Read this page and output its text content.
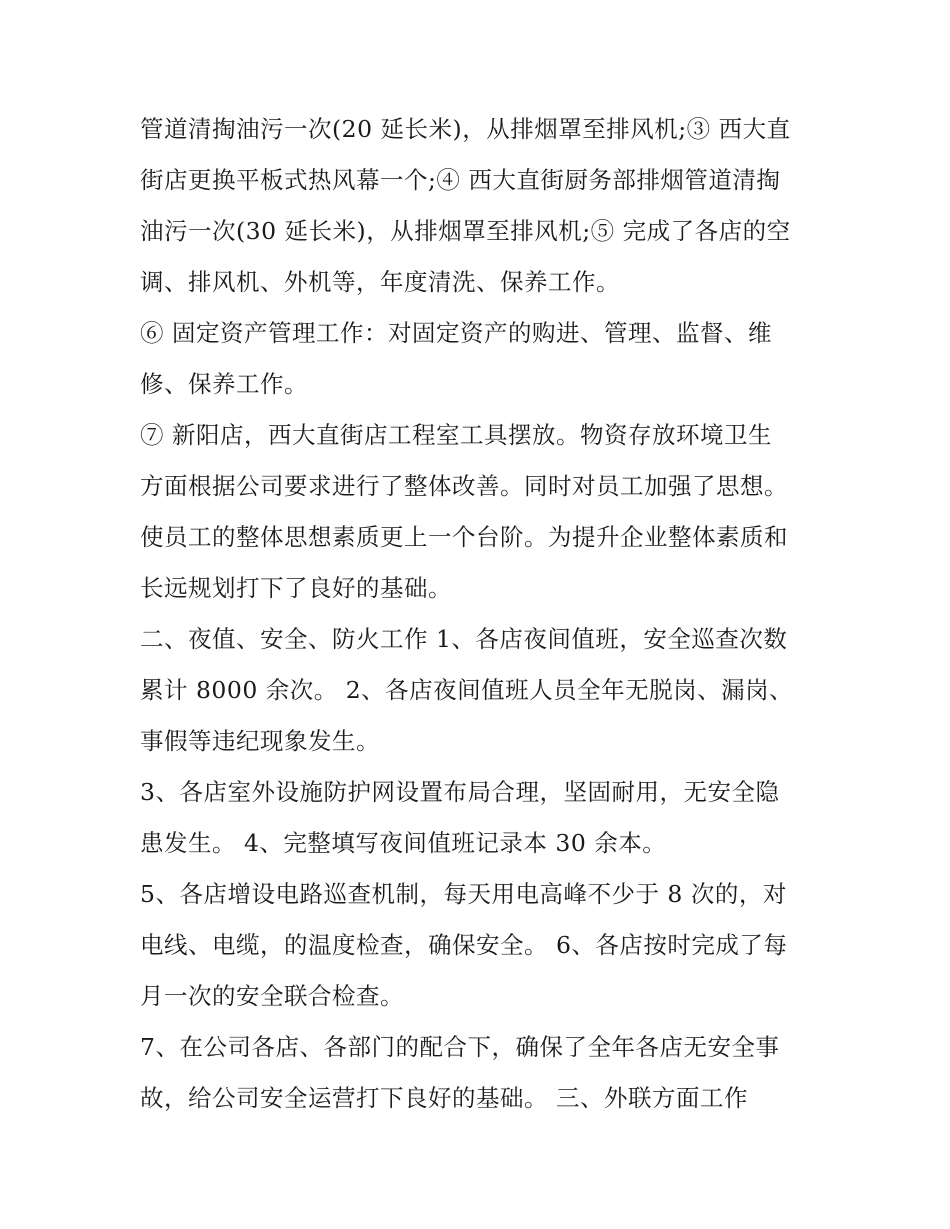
管道清掏油污一次(20 延长米)，从排烟罩至排风机;③ 西大直

街店更换平板式热风幕一个;④ 西大直街厨务部排烟管道清掏

油污一次(30 延长米)，从排烟罩至排风机;⑤ 完成了各店的空

调、排风机、外机等，年度清洗、保养工作。

⑥ 固定资产管理工作：对固定资产的购进、管理、监督、维

修、保养工作。

⑦ 新阳店，西大直街店工程室工具摆放。物资存放环境卫生

方面根据公司要求进行了整体改善。同时对员工加强了思想。

使员工的整体思想素质更上一个台阶。为提升企业整体素质和

长远规划打下了良好的基础。

二、夜值、安全、防火工作 1、各店夜间值班，安全巡查次数

累计 8000 余次。 2、各店夜间值班人员全年无脱岗、漏岗、

事假等违纪现象发生。

3、各店室外设施防护网设置布局合理，坚固耐用，无安全隐

患发生。 4、完整填写夜间值班记录本 30 余本。

5、各店增设电路巡查机制，每天用电高峰不少于 8 次的，对

电线、电缆，的温度检查，确保安全。 6、各店按时完成了每

月一次的安全联合检查。

7、在公司各店、各部门的配合下，确保了全年各店无安全事

故，给公司安全运营打下良好的基础。 三、外联方面工作
